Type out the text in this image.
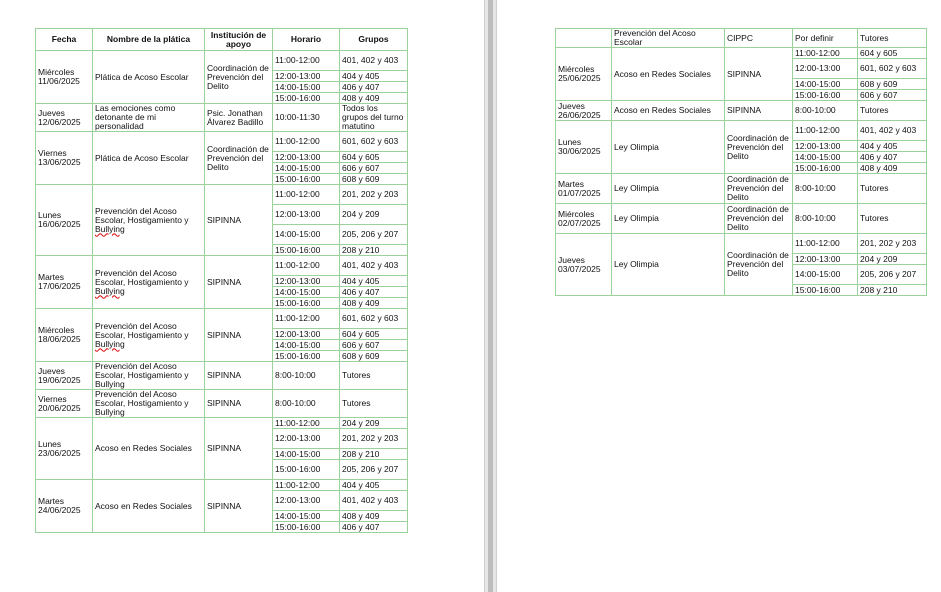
Fecha	Nombre de la plática	Institución de apoyo	Horario	Grupos
Miércoles 11/06/2025	Plática de Acoso Escolar	Coordinación de Prevención del Delito	11:00-12:00	401, 402 y 403
			12:00-13:00	404 y 405
			14:00-15:00	406 y 407
			15:00-16:00	408 y 409
Jueves 12/06/2025	Las emociones como detonante de mi personalidad	Psic. Jonathan Álvarez Badillo	10:00-11:30	Todos los grupos del turno matutino
Viernes 13/06/2025	Plática de Acoso Escolar	Coordinación de Prevención del Delito	11:00-12:00	601, 602 y 603
			12:00-13:00	604 y 605
			14:00-15:00	606 y 607
			15:00-16:00	608 y 609
Lunes 16/06/2025	Prevención del Acoso Escolar, Hostigamiento y Bullying	SIPINNA	11:00-12:00	201, 202 y 203
			12:00-13:00	204 y 209
			14:00-15:00	205, 206 y 207
			15:00-16:00	208 y 210
Martes 17/06/2025	Prevención del Acoso Escolar, Hostigamiento y Bullying	SIPINNA	11:00-12:00	401, 402 y 403
			12:00-13:00	404 y 405
			14:00-15:00	406 y 407
			15:00-16:00	408 y 409
Miércoles 18/06/2025	Prevención del Acoso Escolar, Hostigamiento y Bullying	SIPINNA	11:00-12:00	601, 602 y 603
			12:00-13:00	604 y 605
			14:00-15:00	606 y 607
			15:00-16:00	608 y 609
Jueves 19/06/2025	Prevención del Acoso Escolar, Hostigamiento y Bullying	SIPINNA	8:00-10:00	Tutores
Viernes 20/06/2025	Prevención del Acoso Escolar, Hostigamiento y Bullying	SIPINNA	8:00-10:00	Tutores
Lunes 23/06/2025	Acoso en Redes Sociales	SIPINNA	11:00-12:00	204 y 209
			12:00-13:00	201, 202 y 203
			14:00-15:00	208 y 210
			15:00-16:00	205, 206 y 207
Martes 24/06/2025	Acoso en Redes Sociales	SIPINNA	11:00-12:00	404 y 405
			12:00-13:00	401, 402 y 403
			14:00-15:00	408 y 409
			15:00-16:00	406 y 407
	Prevención del Acoso Escolar	CIPPC	Por definir	Tutores
Miércoles 25/06/2025	Acoso en Redes Sociales	SIPINNA	11:00-12:00	604 y 605
			12:00-13:00	601, 602 y 603
			14:00-15:00	608 y 609
			15:00-16:00	606 y 607
Jueves 26/06/2025	Acoso en Redes Sociales	SIPINNA	8:00-10:00	Tutores
Lunes 30/06/2025	Ley Olimpia	Coordinación de Prevención del Delito	11:00-12:00	401, 402 y 403
			12:00-13:00	404 y 405
			14:00-15:00	406 y 407
			15:00-16:00	408 y 409
Martes 01/07/2025	Ley Olimpia	Coordinación de Prevención del Delito	8:00-10:00	Tutores
Miércoles 02/07/2025	Ley Olimpia	Coordinación de Prevención del Delito	8:00-10:00	Tutores
Jueves 03/07/2025	Ley Olimpia	Coordinación de Prevención del Delito	11:00-12:00	201, 202 y 203
			12:00-13:00	204 y 209
			14:00-15:00	205, 206 y 207
			15:00-16:00	208 y 210
